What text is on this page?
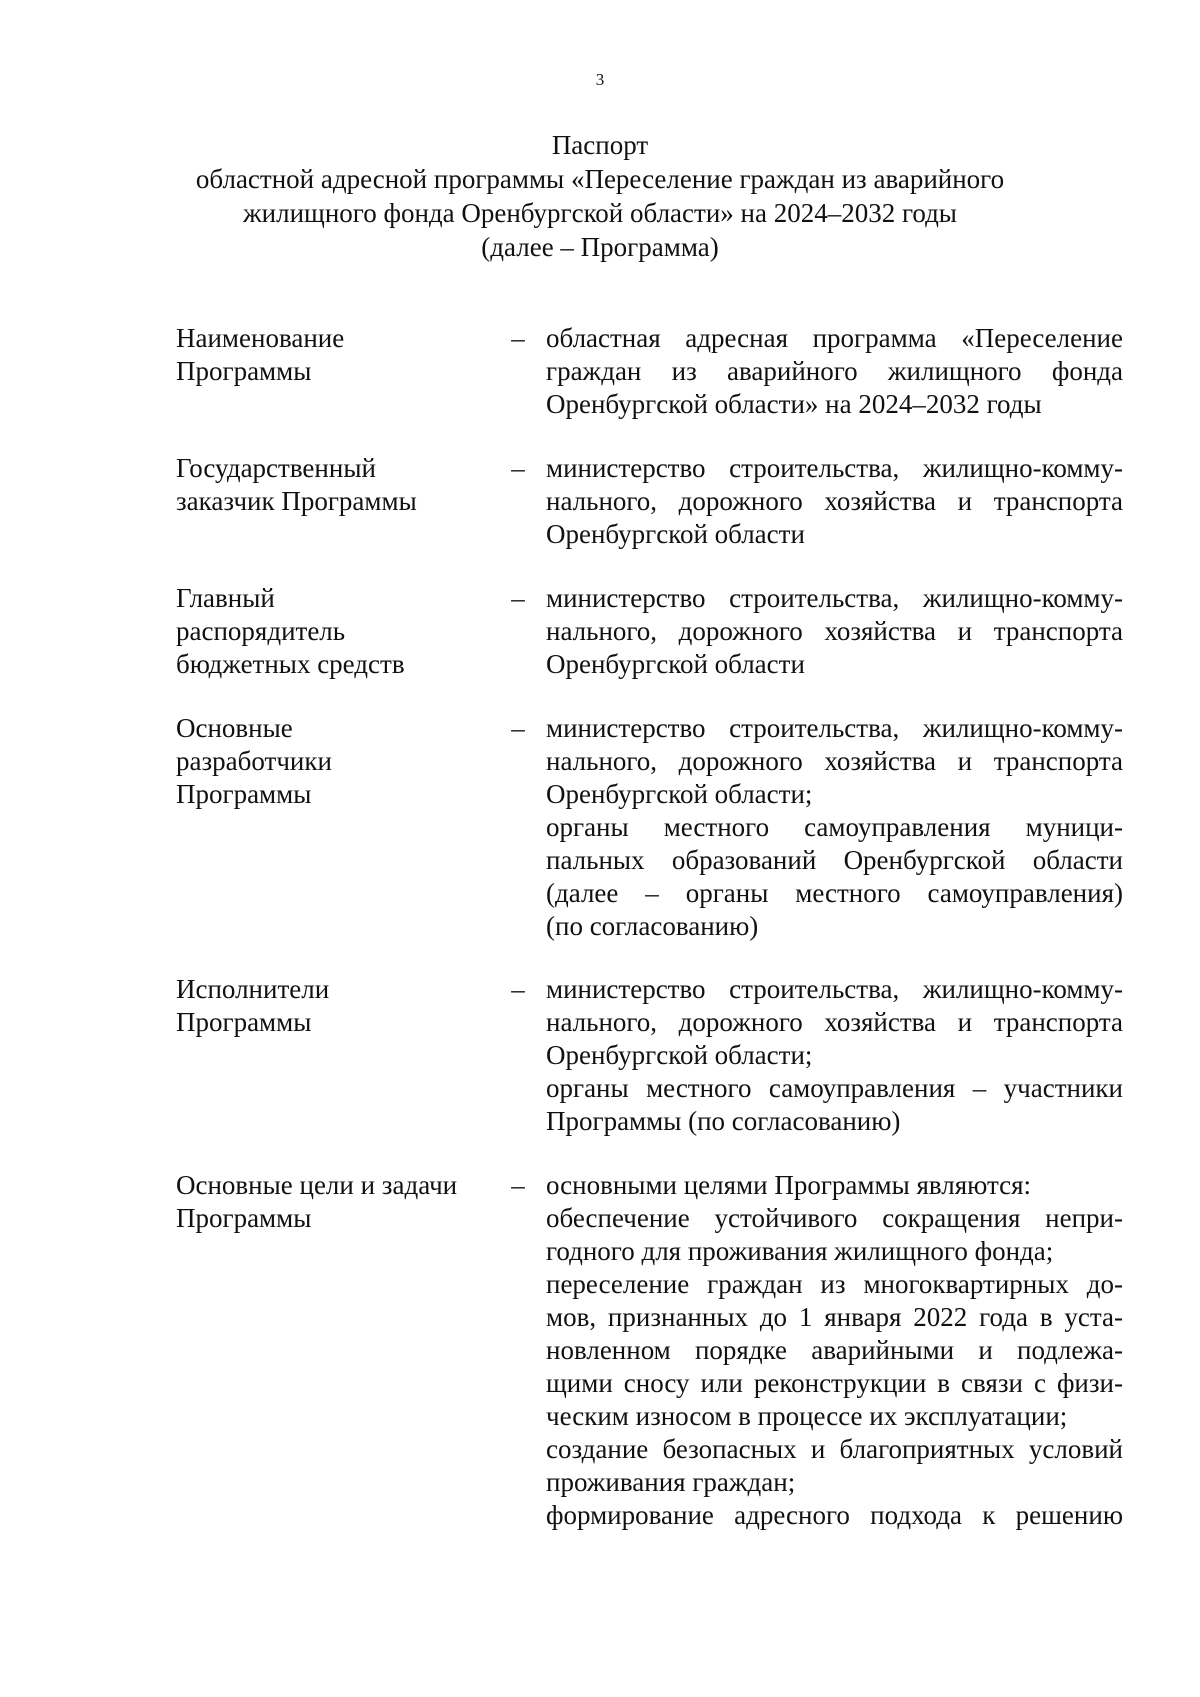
3
Паспорт
областной адресной программы «Переселение граждан из аварийного
жилищного фонда Оренбургской области» на 2024–2032 годы
(далее – Программа)
Наименование
Программы
– областная адресная программа «Переселение
граждан из аварийного жилищного фонда
Оренбургской области» на 2024–2032 годы
Государственный
заказчик Программы
– министерство строительства, жилищно-комму-
нального, дорожного хозяйства и транспорта
Оренбургской области
Главный
распорядитель
бюджетных средств
– министерство строительства, жилищно-комму-
нального, дорожного хозяйства и транспорта
Оренбургской области
Основные
разработчики
Программы
– министерство строительства, жилищно-комму-
нального, дорожного хозяйства и транспорта
Оренбургской области;
органы местного самоуправления муници-
пальных образований Оренбургской области
(далее – органы местного самоуправления)
(по согласованию)
Исполнители
Программы
– министерство строительства, жилищно-комму-
нального, дорожного хозяйства и транспорта
Оренбургской области;
органы местного самоуправления – участники
Программы (по согласованию)
Основные цели и задачи
Программы
– основными целями Программы являются:
обеспечение устойчивого сокращения непри-
годного для проживания жилищного фонда;
переселение граждан из многоквартирных до-
мов, признанных до 1 января 2022 года в уста-
новленном порядке аварийными и подлежа-
щими сносу или реконструкции в связи с физи-
ческим износом в процессе их эксплуатации;
создание безопасных и благоприятных условий
проживания граждан;
формирование адресного подхода к решению
